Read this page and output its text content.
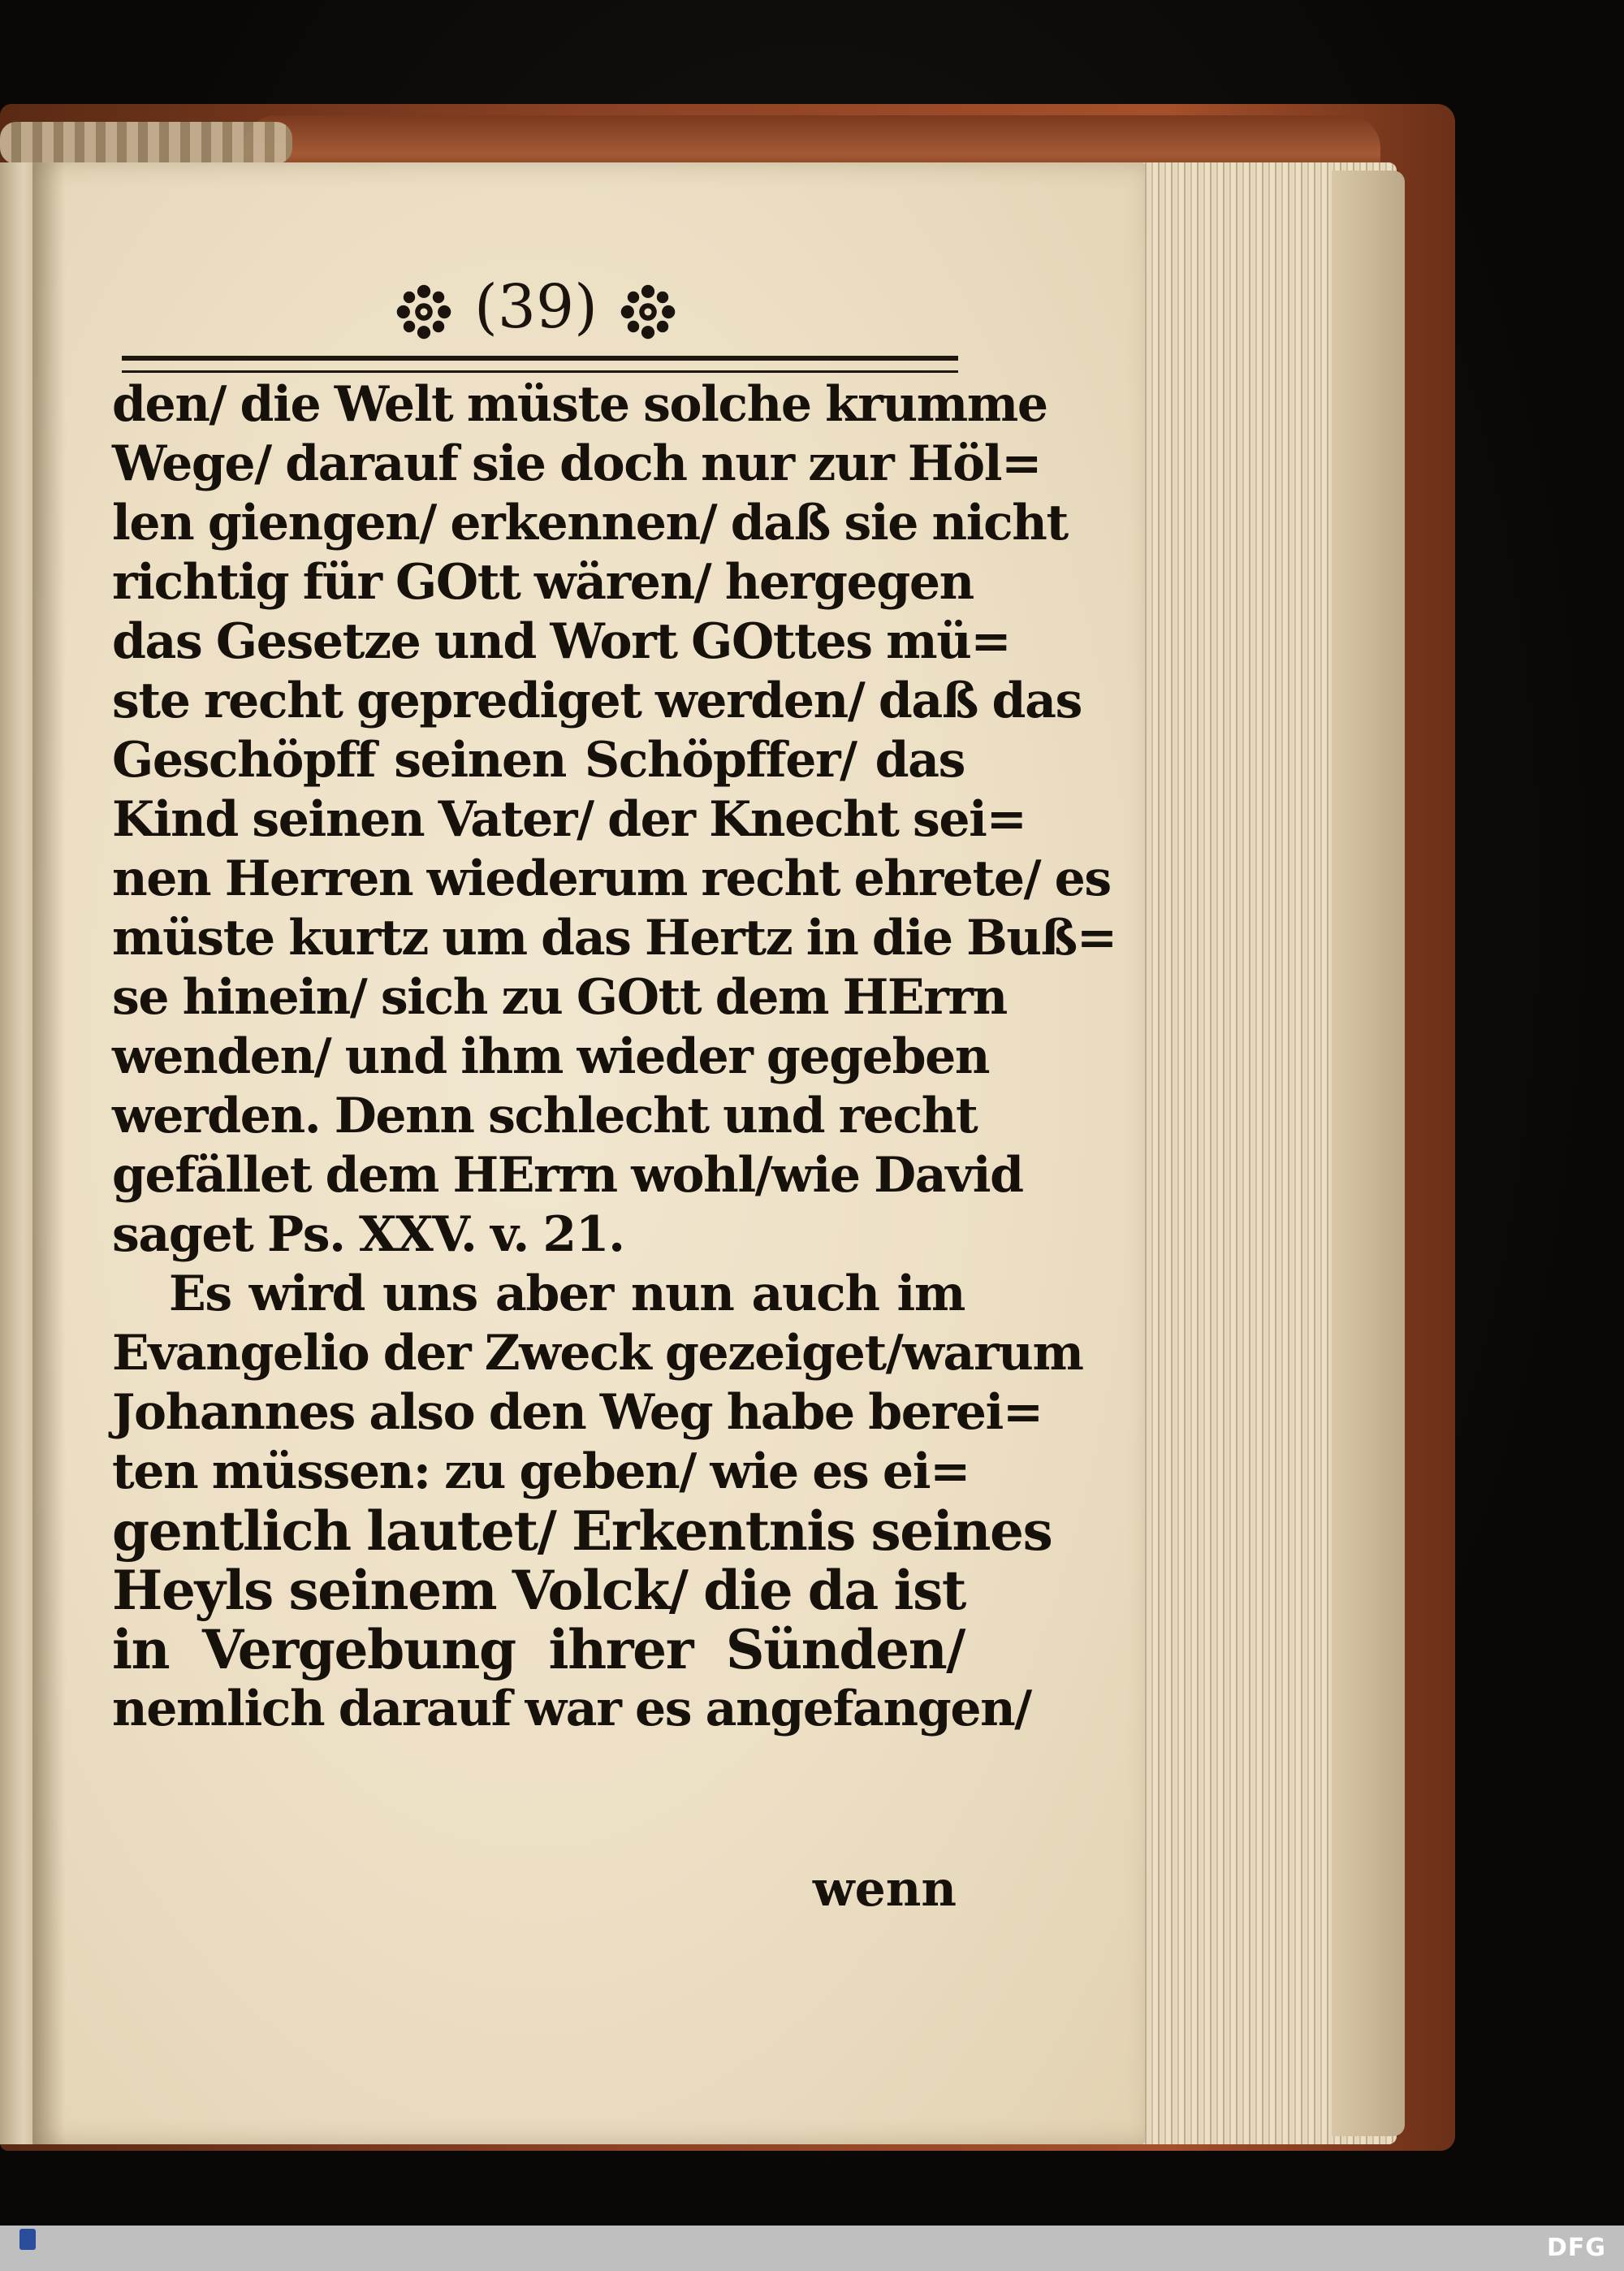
(39)
den/ die Welt müste solche krumme
Wege/ darauf sie doch nur zur Höl=
len giengen/ erkennen/ daß sie nicht
richtig für GOtt wären/ hergegen
das Gesetze und Wort GOttes mü=
ste recht geprediget werden/ daß das
Geschöpff seinen Schöpffer/ das
Kind seinen Vater/ der Knecht sei=
nen Herren wiederum recht ehrete/ es
müste kurtz um das Hertz in die Buß=
se hinein/ sich zu GOtt dem HErrn
wenden/ und ihm wieder gegeben
werden. Denn schlecht und recht
gefället dem HErrn wohl/wie David
saget Ps. XXV. v. 21.
Es wird uns aber nun auch im
Evangelio der Zweck gezeiget/warum
Johannes also den Weg habe berei=
ten müssen: zu geben/ wie es ei=
gentlich lautet/ Erkentnis seines
Heyls seinem Volck/ die da ist
in Vergebung ihrer Sünden/
nemlich darauf war es angefangen/
wenn
DFG
